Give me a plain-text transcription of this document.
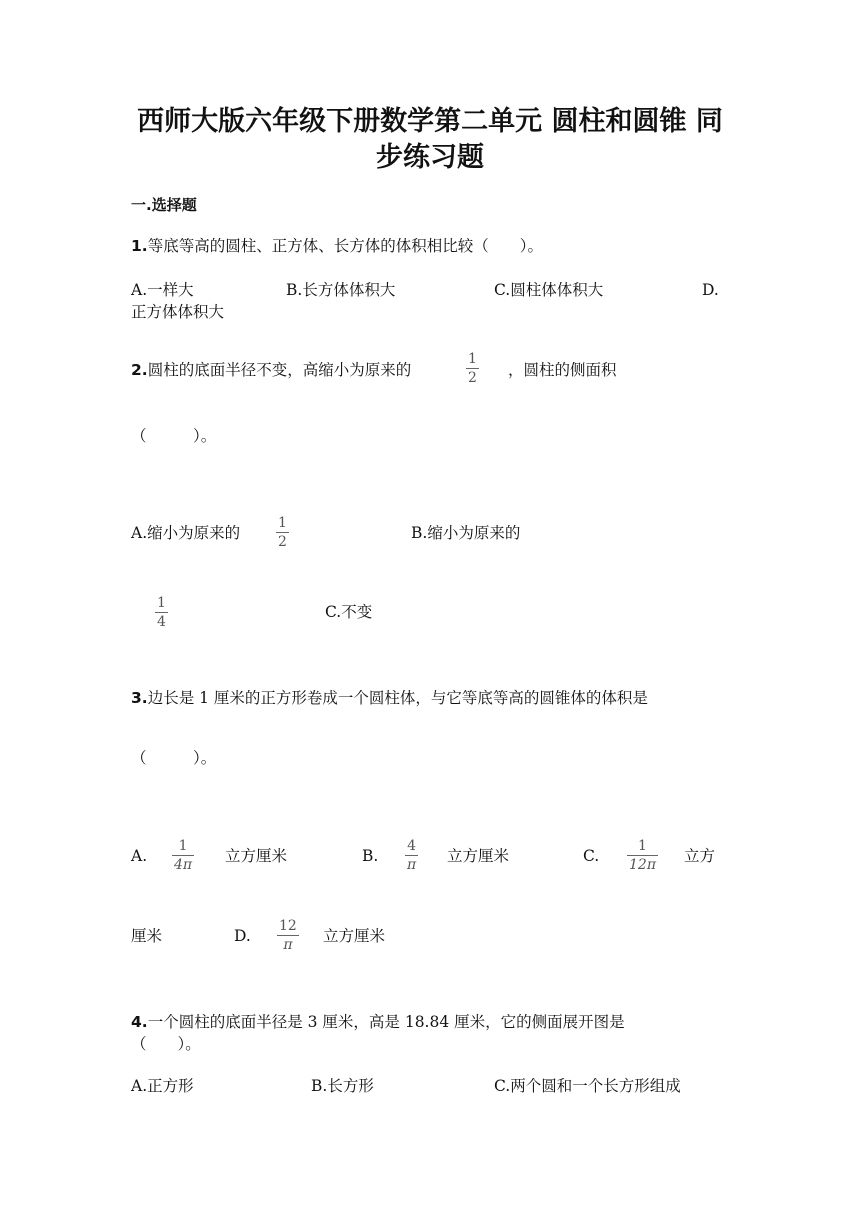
西师大版六年级下册数学第二单元 圆柱和圆锥 同
步练习题
一.选择题
1.等底等高的圆柱、正方体、长方体的体积相比较（　　）。
A.一样大	B.长方体体积大	C.圆柱体体积大	D.
正方体体积大
2.圆柱的底面半径不变，高缩小为原来的
1
2 ，圆柱的侧面积
（　　　）。
A.缩小为原来的
1
2	B.缩小为原来的
1
4
C.不变
3.边长是 1 厘米的正方形卷成一个圆柱体，与它等底等高的圆锥体的体积是
（　　　）。
A.
1
4π 立方厘米	B.
4
π 立方厘米	C.
1
12π 立方
厘米	D.
12
π 立方厘米
4.一个圆柱的底面半径是 3 厘米，高是 18.84 厘米，它的侧面展开图是
（　　）。
A.正方形	B.长方形	C.两个圆和一个长方形组成
